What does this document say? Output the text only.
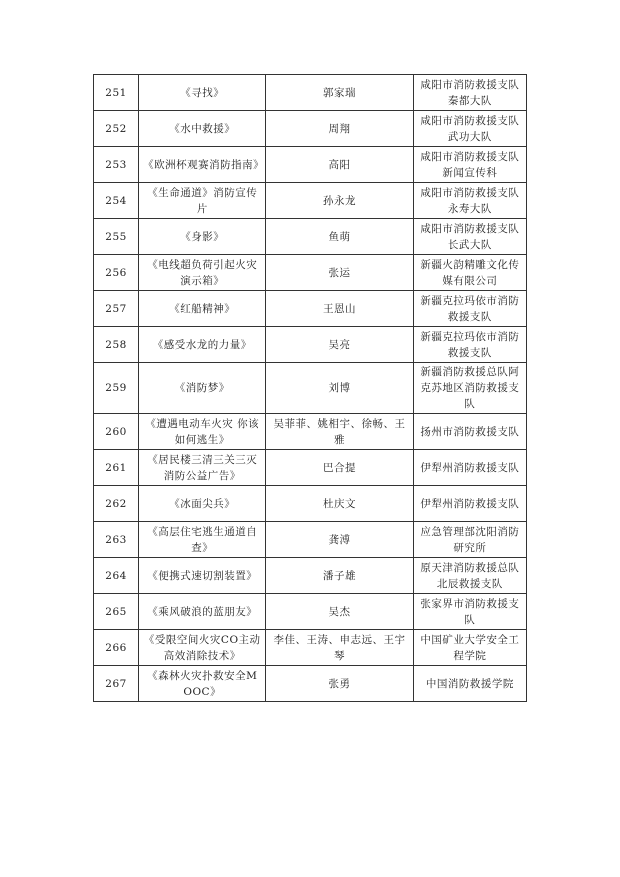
251	《寻找》	郭家瑞	咸阳市消防救援支队秦都大队
252	《水中救援》	周翔	咸阳市消防救援支队武功大队
253	《欧洲杯观赛消防指南》	高阳	咸阳市消防救援支队新闻宣传科
254	《生命通道》消防宣传片	孙永龙	咸阳市消防救援支队永寿大队
255	《身影》	鱼萌	咸阳市消防救援支队长武大队
256	《电线超负荷引起火灾演示箱》	张运	新疆火韵精雕文化传媒有限公司
257	《红船精神》	王恩山	新疆克拉玛依市消防救援支队
258	《感受水龙的力量》	吴亮	新疆克拉玛依市消防救援支队
259	《消防梦》	刘博	新疆消防救援总队阿克苏地区消防救援支队
260	《遭遇电动车火灾 你该如何逃生》	吴菲菲、姚相宇、徐畅、王雅	扬州市消防救援支队
261	《居民楼三清三关三灭消防公益广告》	巴合提	伊犁州消防救援支队
262	《冰面尖兵》	杜庆文	伊犁州消防救援支队
263	《高层住宅逃生通道自查》	龚溥	应急管理部沈阳消防研究所
264	《便携式速切割装置》	潘子雄	原天津消防救援总队北辰救援支队
265	《乘风破浪的蓝朋友》	吴杰	张家界市消防救援支队
266	《受限空间火灾CO主动高效消除技术》	李佳、王涛、申志远、王宇琴	中国矿业大学安全工程学院
267	《森林火灾扑救安全MOOC》	张勇	中国消防救援学院
